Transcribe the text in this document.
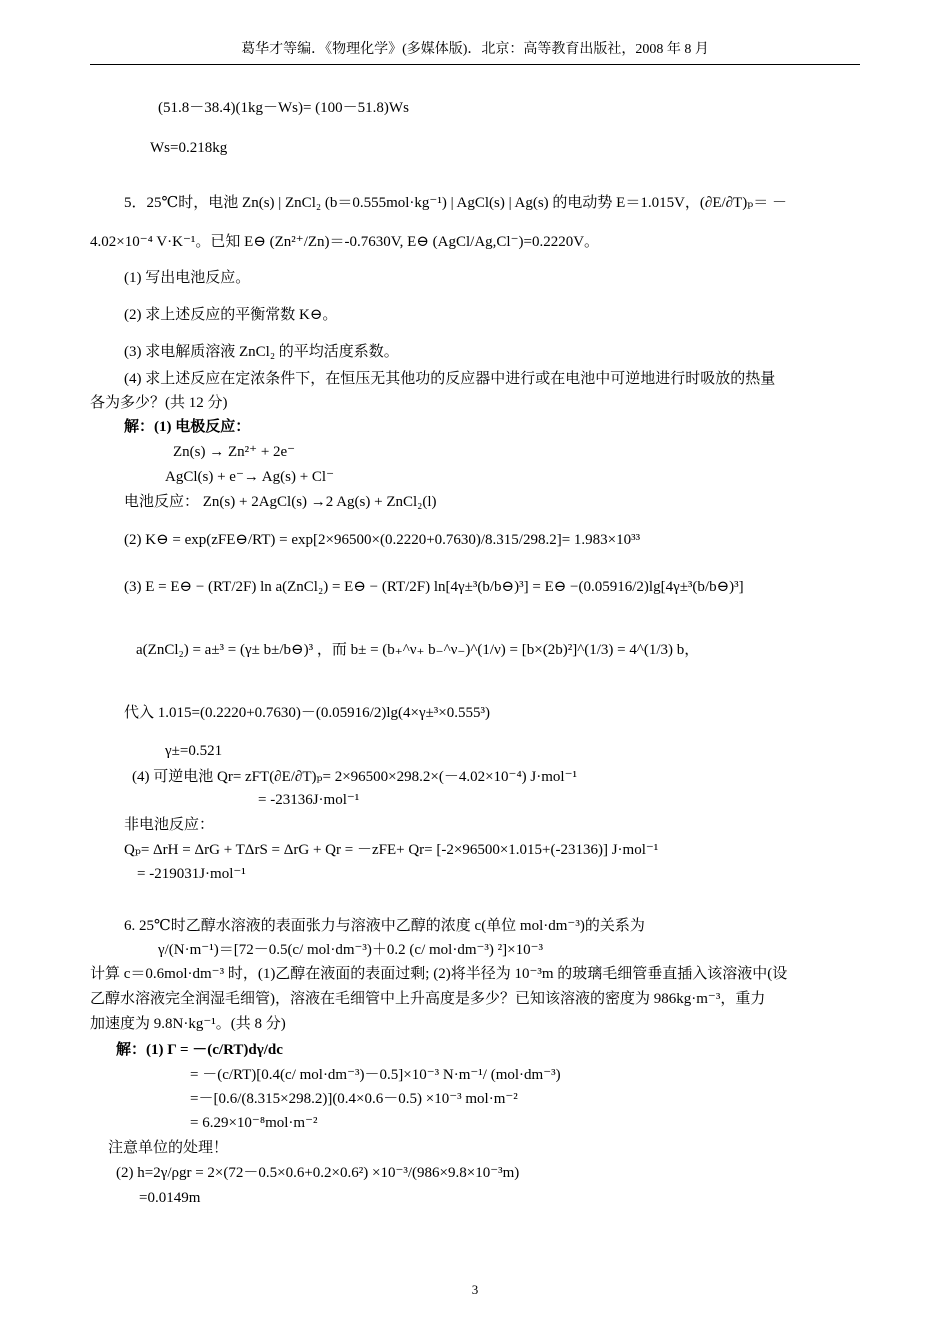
葛华才等编．《物理化学》(多媒体版)．北京：高等教育出版社，2008 年 8 月
(51.8－38.4)(1kg－Ws)= (100－51.8)Ws
Ws=0.218kg
5．25℃时，电池 Zn(s) | ZnCl₂ (b＝0.555mol·kg⁻¹) | AgCl(s) | Ag(s) 的电动势 E＝1.015V，(∂E/∂T)ₚ＝ －
4.02×10⁻⁴ V·K⁻¹。已知 E⊖ (Zn²⁺/Zn)＝-0.7630V, E⊖ (AgCl/Ag,Cl⁻)=0.2220V。
(1) 写出电池反应。
(2) 求上述反应的平衡常数 K⊖。
(3) 求电解质溶液 ZnCl₂ 的平均活度系数。
(4) 求上述反应在定浓条件下，在恒压无其他功的反应器中进行或在电池中可逆地进行时吸放的热量
各为多少？(共 12 分)
解：(1) 电极反应：
Zn(s) → Zn²⁺ + 2e⁻
AgCl(s) + e⁻→ Ag(s) + Cl⁻
电池反应： Zn(s) + 2AgCl(s) →2 Ag(s) + ZnCl₂(l)
(2) K⊖ = exp(zFE⊖/RT) = exp[2×96500×(0.2220+0.7630)/8.315/298.2]= 1.983×10³³
(3) E = E⊖ − (RT/2F) ln a(ZnCl₂) = E⊖ − (RT/2F) ln[4γ±³(b/b⊖)³] = E⊖ −(0.05916/2)lg[4γ±³(b/b⊖)³]
a(ZnCl₂) = a±³ = (γ± b±/b⊖)³ ，而 b± = (b₊^ν₊ b₋^ν₋)^(1/ν) = [b×(2b)²]^(1/3) = 4^(1/3) b，
代入 1.015=(0.2220+0.7630)－(0.05916/2)lg(4×γ±³×0.555³)
γ±=0.521
(4) 可逆电池 Qr= zFT(∂E/∂T)ₚ= 2×96500×298.2×(－4.02×10⁻⁴) J·mol⁻¹
= -23136J·mol⁻¹
非电池反应：
Qₚ= ΔrH = ΔrG + TΔrS = ΔrG + Qr = －zFE+ Qr= [-2×96500×1.015+(-23136)] J·mol⁻¹
= -219031J·mol⁻¹
6. 25℃时乙醇水溶液的表面张力与溶液中乙醇的浓度 c(单位 mol·dm⁻³)的关系为
γ/(N·m⁻¹)＝[72－0.5(c/ mol·dm⁻³)＋0.2 (c/ mol·dm⁻³) ²]×10⁻³
计算 c＝0.6mol·dm⁻³ 时，(1)乙醇在液面的表面过剩; (2)将半径为 10⁻³m 的玻璃毛细管垂直插入该溶液中(设
乙醇水溶液完全润湿毛细管)，溶液在毛细管中上升高度是多少？已知该溶液的密度为 986kg·m⁻³，重力
加速度为 9.8N·kg⁻¹。(共 8 分)
解：(1) Γ = －(c/RT)dγ/dc
= －(c/RT)[0.4(c/ mol·dm⁻³)－0.5]×10⁻³ N·m⁻¹/ (mol·dm⁻³)
=－[0.6/(8.315×298.2)](0.4×0.6－0.5) ×10⁻³ mol·m⁻²
= 6.29×10⁻⁸mol·m⁻²
注意单位的处理！
(2) h=2γ/ρgr = 2×(72－0.5×0.6+0.2×0.6²) ×10⁻³/(986×9.8×10⁻³m)
=0.0149m
3
